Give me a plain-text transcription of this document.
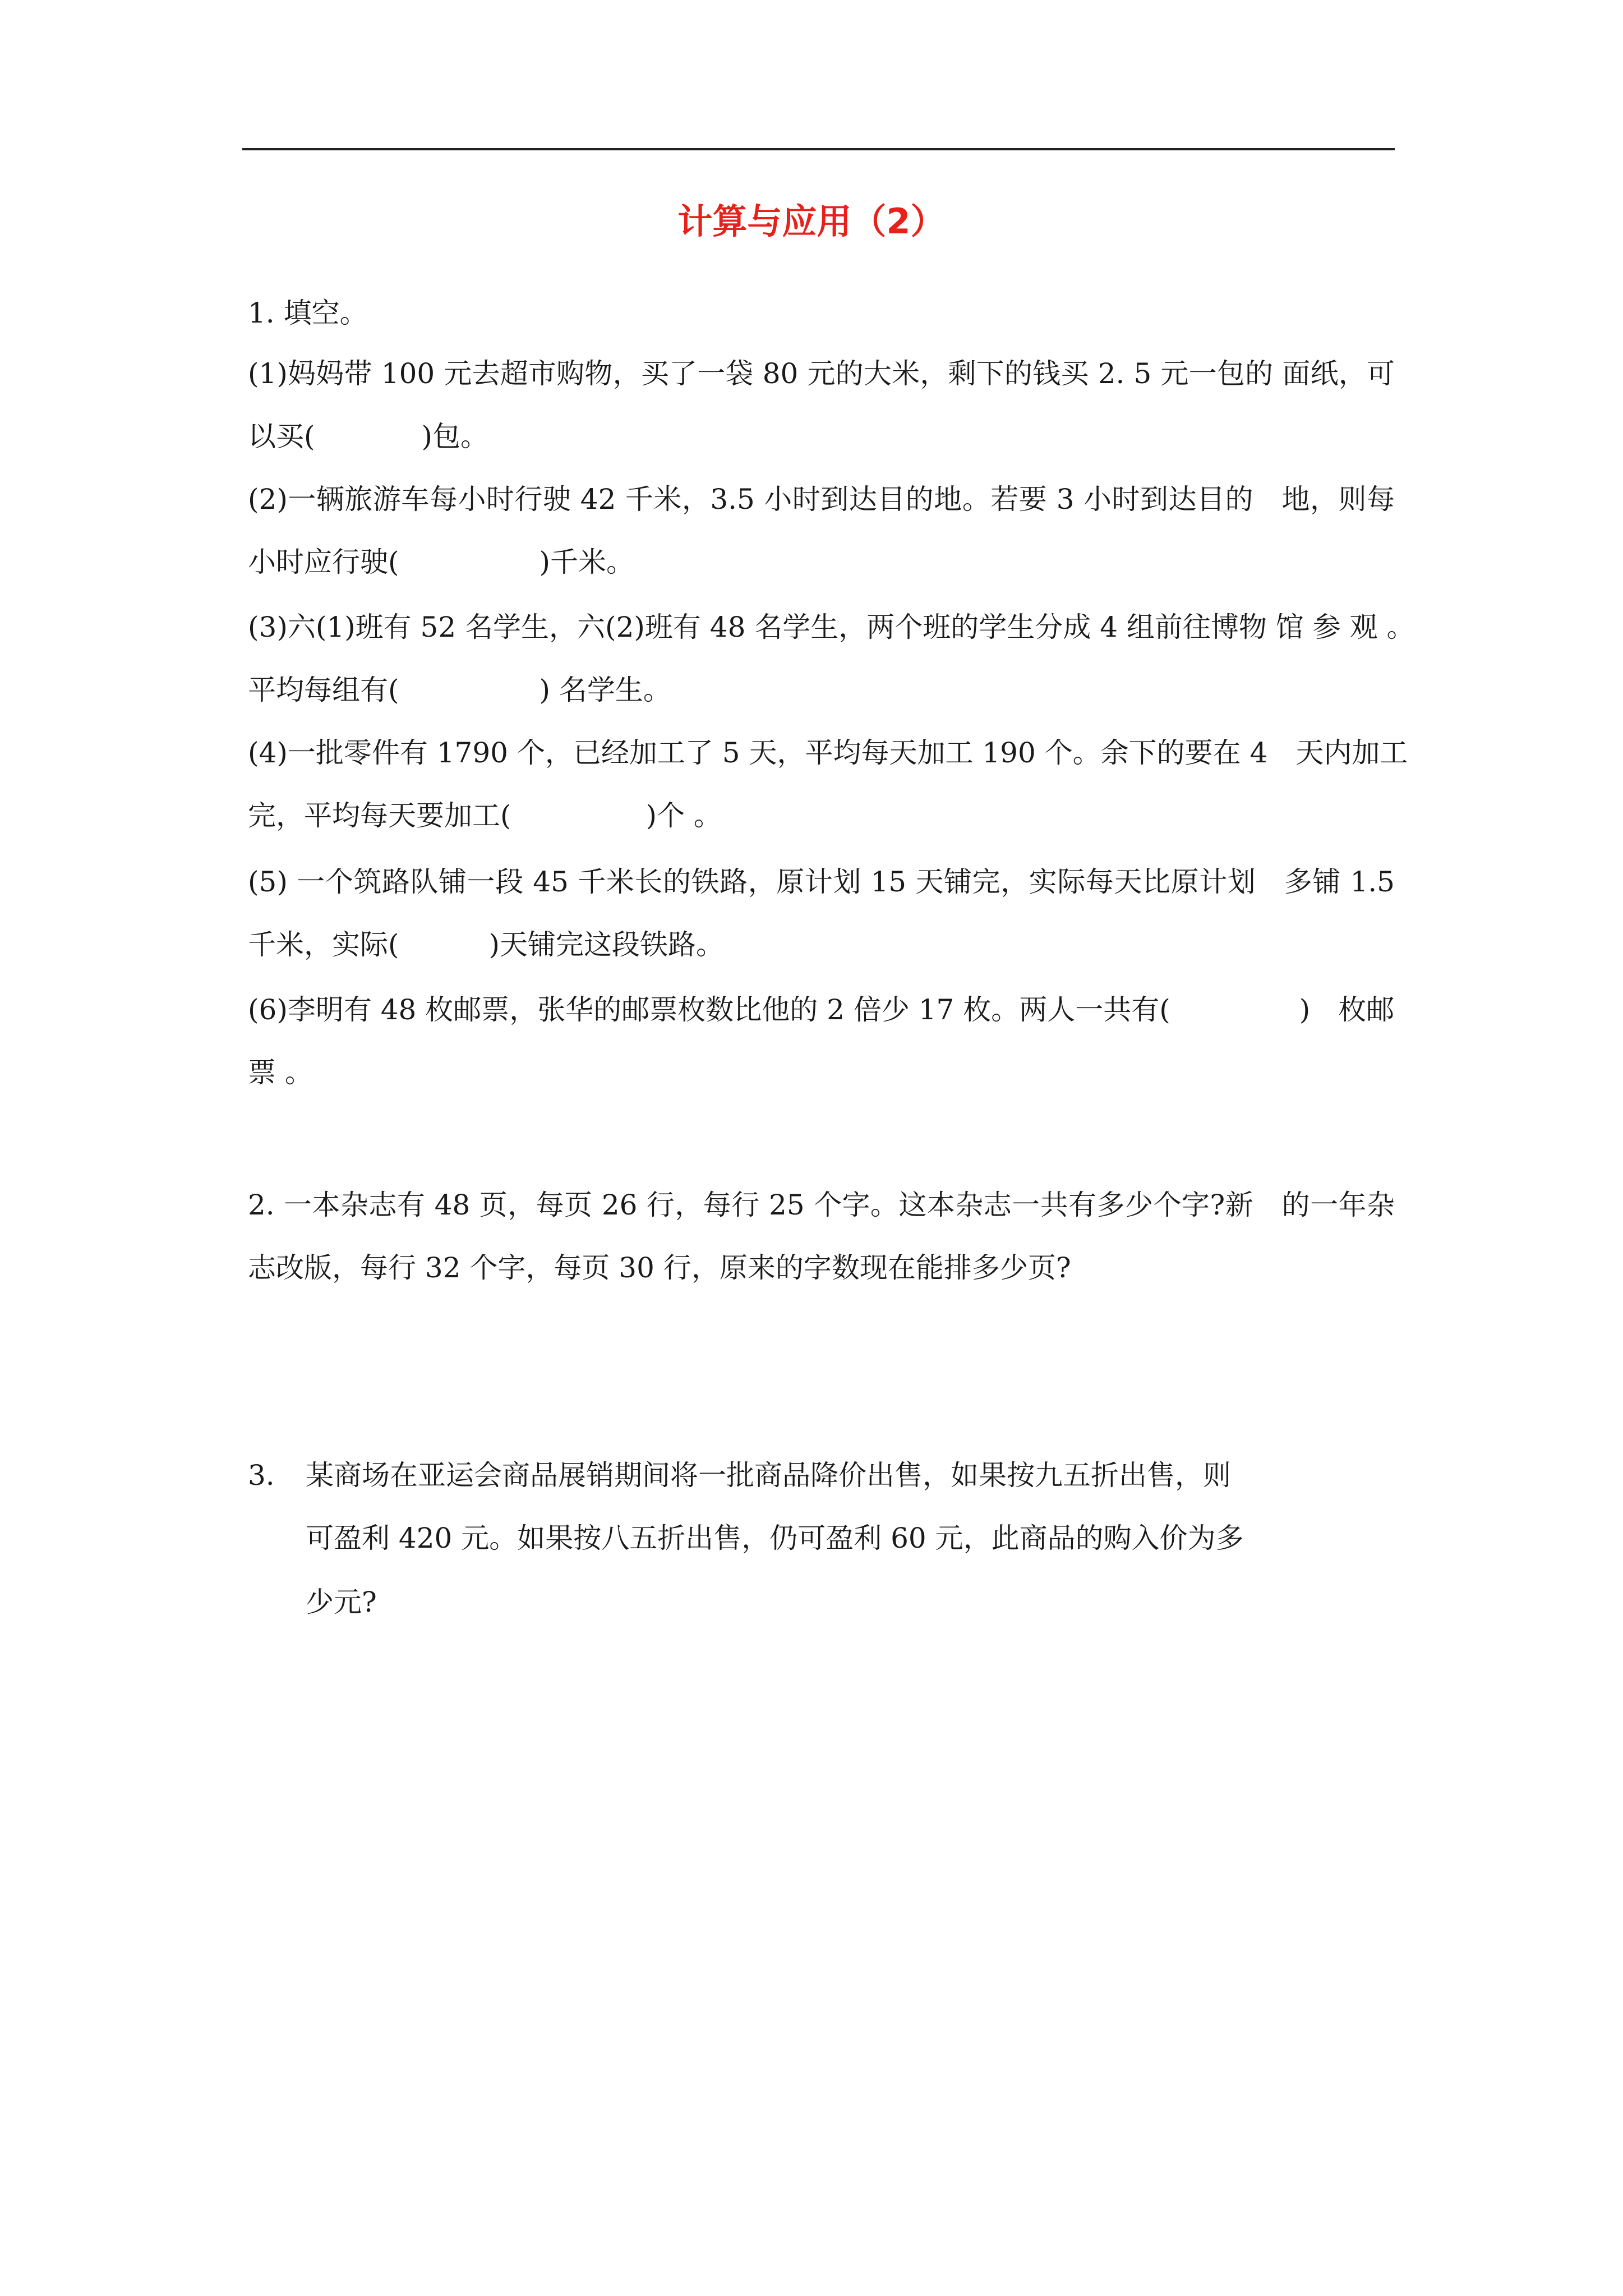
计算与应用（2）
1. 填空。
(1)妈妈带 100 元去超市购物，买了一袋 80 元的大米，剩下的钱买 2. 5 元一包的 面纸，可
以买(	)包。
(2)一辆旅游车每小时行驶 42 千米，3.5 小时到达目的地。若要 3 小时到达目的　地，则每
小时应行驶(	)千米。
(3)六(1)班有 52 名学生，六(2)班有 48 名学生，两个班的学生分成 4 组前往博物 馆 参 观 。
平均每组有(	) 名学生。
(4)一批零件有 1790 个，已经加工了 5 天，平均每天加工 190 个。余下的要在 4　天内加工
完，平均每天要加工(	)个 。
(5) 一个筑路队铺一段 45 千米长的铁路，原计划 15 天铺完，实际每天比原计划　多铺 1.5
千米，实际(	)天铺完这段铁路。
(6)李明有 48 枚邮票，张华的邮票枚数比他的 2 倍少 17 枚。两人一共有(	)　枚邮
票 。
2. 一本杂志有 48 页，每页 26 行，每行 25 个字。这本杂志一共有多少个字?新　的一年杂
志改版，每行 32 个字，每页 30 行，原来的字数现在能排多少页?
3. 某商场在亚运会商品展销期间将一批商品降价出售，如果按九五折出售，则
可盈利 420 元。如果按八五折出售，仍可盈利 60 元，此商品的购入价为多
少元?
